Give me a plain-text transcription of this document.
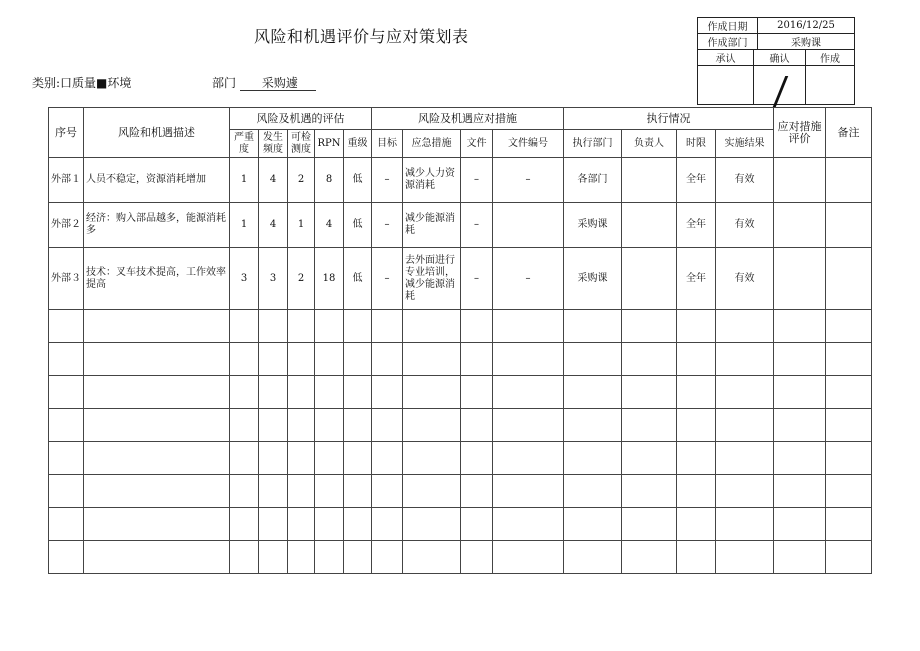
风险和机遇评价与应对策划表
类别:口质量■环境	部门 采购遽
作成日期	2016/12/25
作成部门	采购课
承认	确认	作成
序号	风险和机遇描述	风险及机遇的评估					风险及机遇应对措施				执行情况				应对措施评价	备注
		严重度	发生频度	可检测度	RPN	重级	目标	应急措施	文件	文件编号	执行部门	负责人	时限	实施结果		
外部１	人员不稳定，资源消耗增加	1	4	2	8	低	–	减少人力资源消耗	–	–	各部门		全年	有效		
外部２	经济：购入部品越多，能源消耗多	1	4	1	4	低	–	减少能源消耗	–		采购课		全年	有效		
外部３	技术：叉车技术提高，工作效率提高	3	3	2	18	低	–	去外面进行专业培训，减少能源消耗	–	–	采购课		全年	有效		
